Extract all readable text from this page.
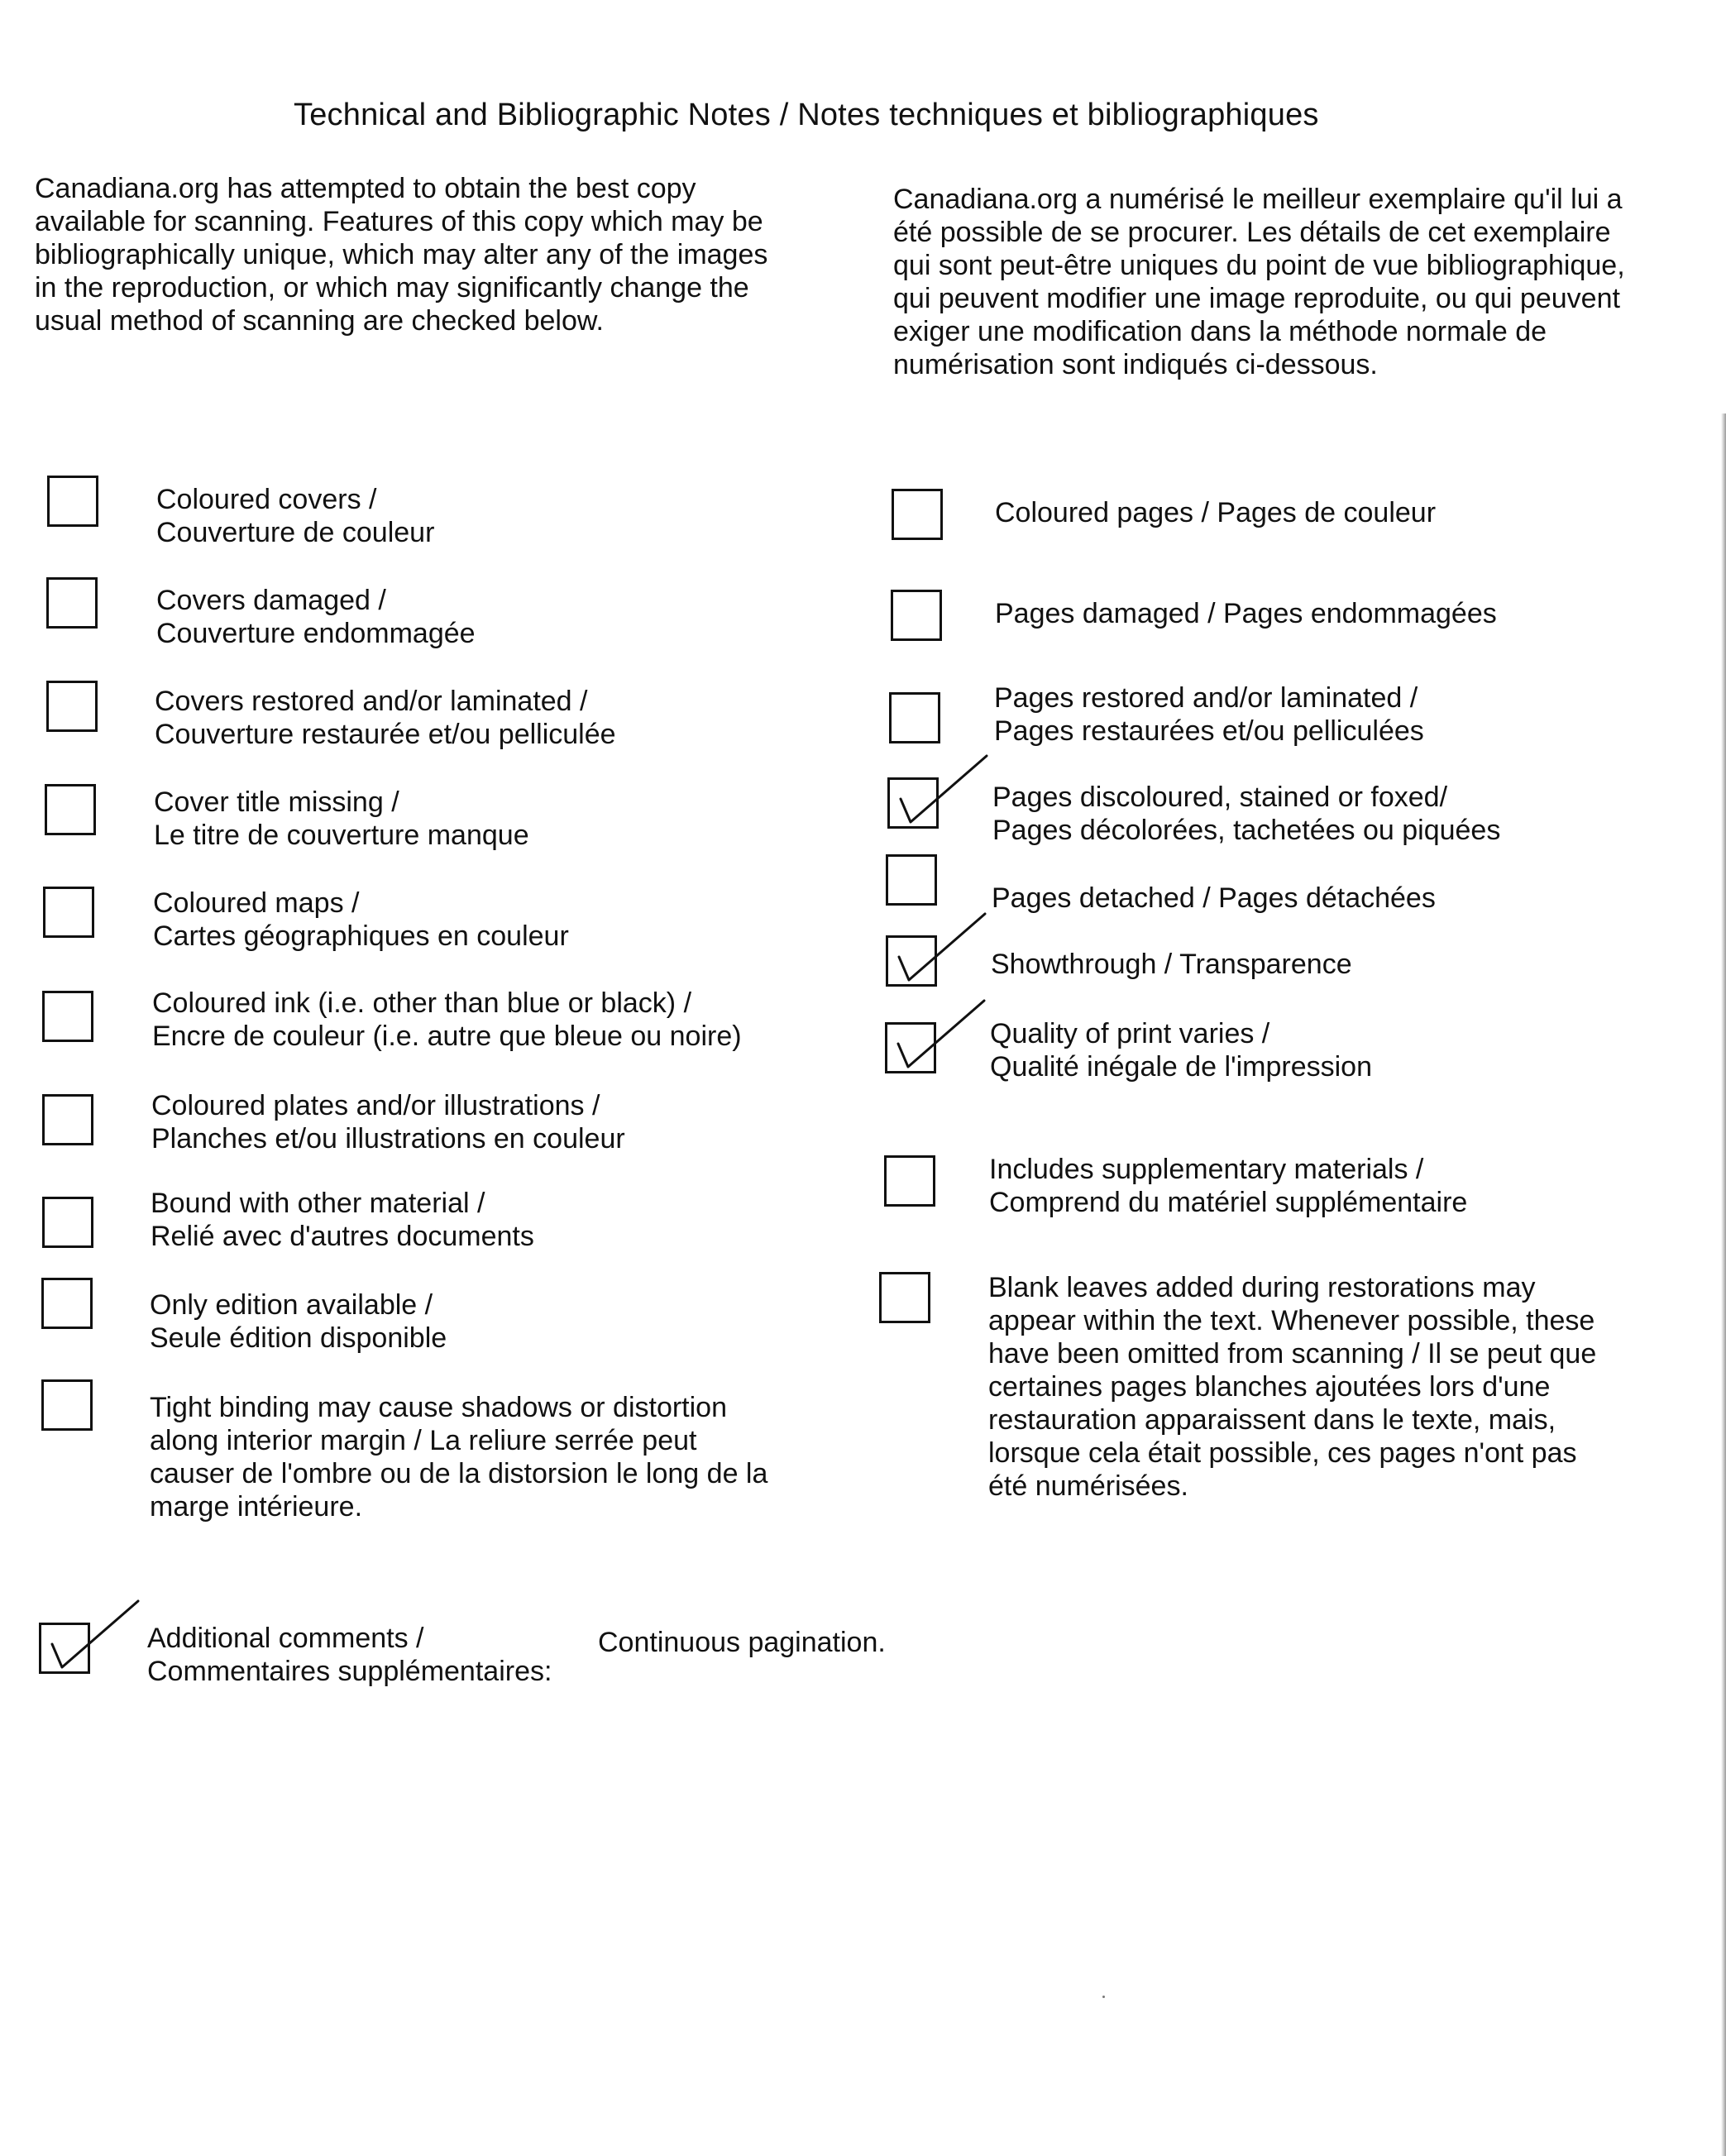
Technical and Bibliographic Notes / Notes techniques et bibliographiques
Canadiana.org has attempted to obtain the best copy
available for scanning. Features of this copy which may be
bibliographically unique, which may alter any of the images
in the reproduction, or which may significantly change the
usual method of scanning are checked below.
Canadiana.org a numérisé le meilleur exemplaire qu'il lui a
été possible de se procurer. Les détails de cet exemplaire
qui sont peut-être uniques du point de vue bibliographique,
qui peuvent modifier une image reproduite, ou qui peuvent
exiger une modification dans la méthode normale de
numérisation sont indiqués ci-dessous.
Coloured covers /
Couverture de couleur
Covers damaged /
Couverture endommagée
Covers restored and/or laminated /
Couverture restaurée et/ou pelliculée
Cover title missing /
Le titre de couverture manque
Coloured maps /
Cartes géographiques en couleur
Coloured ink (i.e. other than blue or black) /
Encre de couleur (i.e. autre que bleue ou noire)
Coloured plates and/or illustrations /
Planches et/ou illustrations en couleur
Bound with other material /
Relié avec d'autres documents
Only edition available /
Seule édition disponible
Tight binding may cause shadows or distortion
along interior margin / La reliure serrée peut
causer de l'ombre ou de la distorsion le long de la
marge intérieure.
Coloured pages / Pages de couleur
Pages damaged / Pages endommagées
Pages restored and/or laminated /
Pages restaurées et/ou pelliculées
Pages discoloured, stained or foxed/
Pages décolorées, tachetées ou piquées
Pages detached / Pages détachées
Showthrough / Transparence
Quality of print varies /
Qualité inégale de l'impression
Includes supplementary materials /
Comprend du matériel supplémentaire
Blank leaves added during restorations may
appear within the text. Whenever possible, these
have been omitted from scanning / Il se peut que
certaines pages blanches ajoutées lors d'une
restauration apparaissent dans le texte, mais,
lorsque cela était possible, ces pages n'ont pas
été numérisées.
Additional comments /
Commentaires supplémentaires:
Continuous pagination.
